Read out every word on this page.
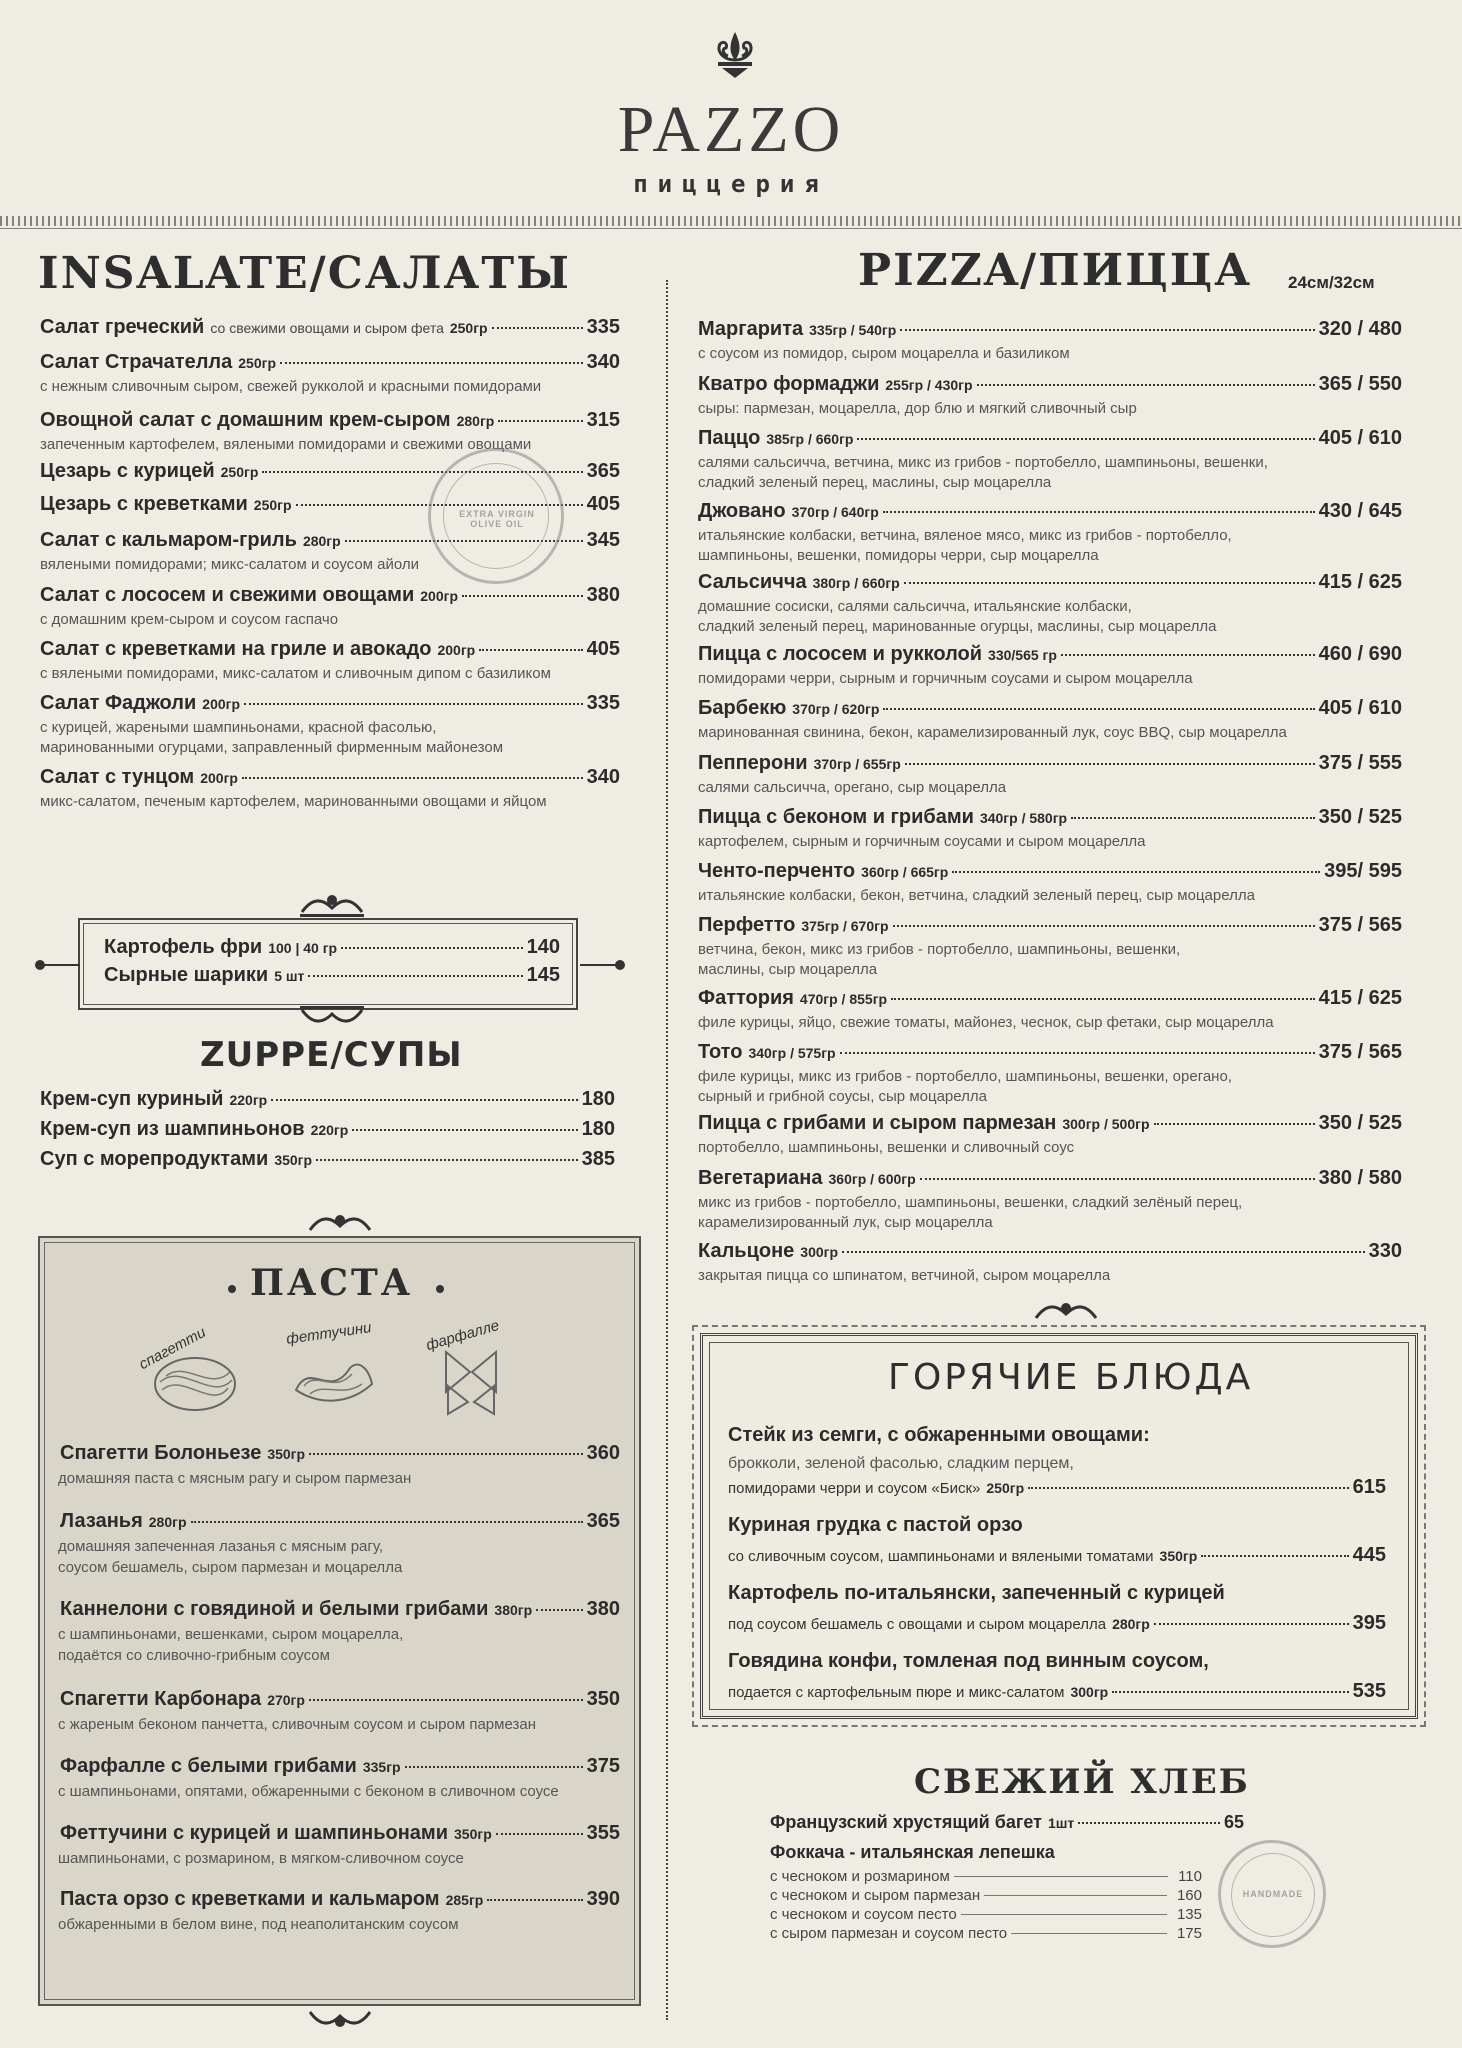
PAZZO
пиццерия
INSALATE/САЛАТЫ
Салат греческий со свежими овощами и сыром фета 250гр	335
Салат Страчателла 250гр	340
с нежным сливочным сыром, свежей рукколой и красными помидорами
Овощной салат с домашним крем-сыром 280гр	315
запеченным картофелем, вялеными помидорами и свежими овощами
Цезарь с курицей 250гр	365
Цезарь с креветками 250гр	405
Салат с кальмаром-гриль 280гр	345
вялеными помидорами; микс-салатом и соусом айоли
Салат с лососем и свежими овощами 200гр	380
с домашним крем-сыром и соусом гаспачо
Салат с креветками на гриле и авокадо 200гр	405
с вялеными помидорами, микс-салатом и сливочным дипом с базиликом
Салат Фаджоли 200гр	335
с курицей, жареными шампиньонами, красной фасолью,
маринованными огурцами, заправленный фирменным майонезом
Салат с тунцом 200гр	340
микс-салатом, печеным картофелем, маринованными овощами и яйцом
EXTRA VIRGIN OLIVE OIL
Картофель фри 100 | 40 гр	140
Сырные шарики 5 шт	145
ZUPPE/СУПЫ
Крем-суп куриный 220гр	180
Крем-суп из шампиньонов 220гр	180
Суп с морепродуктами 350гр	385
ПАСТА
спагетти	феттучини	фарфалле
Спагетти Болоньезе 350гр	360
домашняя паста с мясным рагу и сыром пармезан
Лазанья 280гр	365
домашняя запеченная лазанья с мясным рагу,
соусом бешамель, сыром пармезан и моцарелла
Каннелони с говядиной и белыми грибами 380гр	380
с шампиньонами, вешенками, сыром моцарелла,
подаётся со сливочно-грибным соусом
Спагетти Карбонара 270гр	350
с жареным беконом панчетта, сливочным соусом и сыром пармезан
Фарфалле с белыми грибами 335гр	375
с шампиньонами, опятами, обжаренными с беконом в сливочном соусе
Феттучини с курицей и шампиньонами 350гр	355
шампиньонами, с розмарином, в мягком-сливочном соусе
Паста орзо с креветками и кальмаром 285гр	390
обжаренными в белом вине, под неаполитанским соусом
PIZZA/ПИЦЦА 24см/32см
Маргарита 335гр / 540гр	320 / 480
с соусом из помидор, сыром моцарелла и базиликом
Кватро формаджи 255гр / 430гр	365 / 550
сыры: пармезан, моцарелла, дор блю и мягкий сливочный сыр
Паццо 385гр / 660гр	405 / 610
салями сальсичча, ветчина, микс из грибов - портобелло, шампиньоны, вешенки,
сладкий зеленый перец, маслины, сыр моцарелла
Джовано 370гр / 640гр	430 / 645
итальянские колбаски, ветчина, вяленое мясо, микс из грибов - портобелло,
шампиньоны, вешенки, помидоры черри, сыр моцарелла
Сальсичча 380гр / 660гр	415 / 625
домашние сосиски, салями сальсичча, итальянские колбаски,
сладкий зеленый перец, маринованные огурцы, маслины, сыр моцарелла
Пицца с лососем и рукколой 330/565 гр	460 / 690
помидорами черри, сырным и горчичным соусами и сыром моцарелла
Барбекю 370гр / 620гр	405 / 610
маринованная свинина, бекон, карамелизированный лук, соус BBQ, сыр моцарелла
Пепперони 370гр / 655гр	375 / 555
салями сальсичча, орегано, сыр моцарелла
Пицца с беконом и грибами 340гр / 580гр	350 / 525
картофелем, сырным и горчичным соусами и сыром моцарелла
Ченто-перченто 360гр / 665гр	395/ 595
итальянские колбаски, бекон, ветчина, сладкий зеленый перец, сыр моцарелла
Перфетто 375гр / 670гр	375 / 565
ветчина, бекон, микс из грибов - портобелло, шампиньоны, вешенки,
маслины, сыр моцарелла
Фаттория 470гр / 855гр	415 / 625
филе курицы, яйцо, свежие томаты, майонез, чеснок, сыр фетаки, сыр моцарелла
Тото 340гр / 575гр	375 / 565
филе курицы, микс из грибов - портобелло, шампиньоны, вешенки, орегано,
сырный и грибной соусы, сыр моцарелла
Пицца с грибами и сыром пармезан 300гр / 500гр	350 / 525
портобелло, шампиньоны, вешенки и сливочный соус
Вегетариана 360гр / 600гр	380 / 580
микс из грибов - портобелло, шампиньоны, вешенки, сладкий зелёный перец,
карамелизированный лук, сыр моцарелла
Кальцоне 300гр	330
закрытая пицца со шпинатом, ветчиной, сыром моцарелла
ГОРЯЧИЕ БЛЮДА
Стейк из семги, с обжаренными овощами:
брокколи, зеленой фасолью, сладким перцем,
помидорами черри и соусом «Биск» 250гр	615
Куриная грудка с пастой орзо
со сливочным соусом, шампиньонами и вялеными томатами 350гр	445
Картофель по-итальянски, запеченный с курицей
под соусом бешамель с овощами и сыром моцарелла 280гр	395
Говядина конфи, томленая под винным соусом,
подается с картофельным пюре и микс-салатом 300гр	535
СВЕЖИЙ ХЛЕБ
Французский хрустящий багет 1шт	65
Фоккача - итальянская лепешка
с чесноком и розмарином	110
с чесноком и сыром пармезан	160
с чесноком и соусом песто	135
с сыром пармезан и соусом песто	175
HANDMADE
